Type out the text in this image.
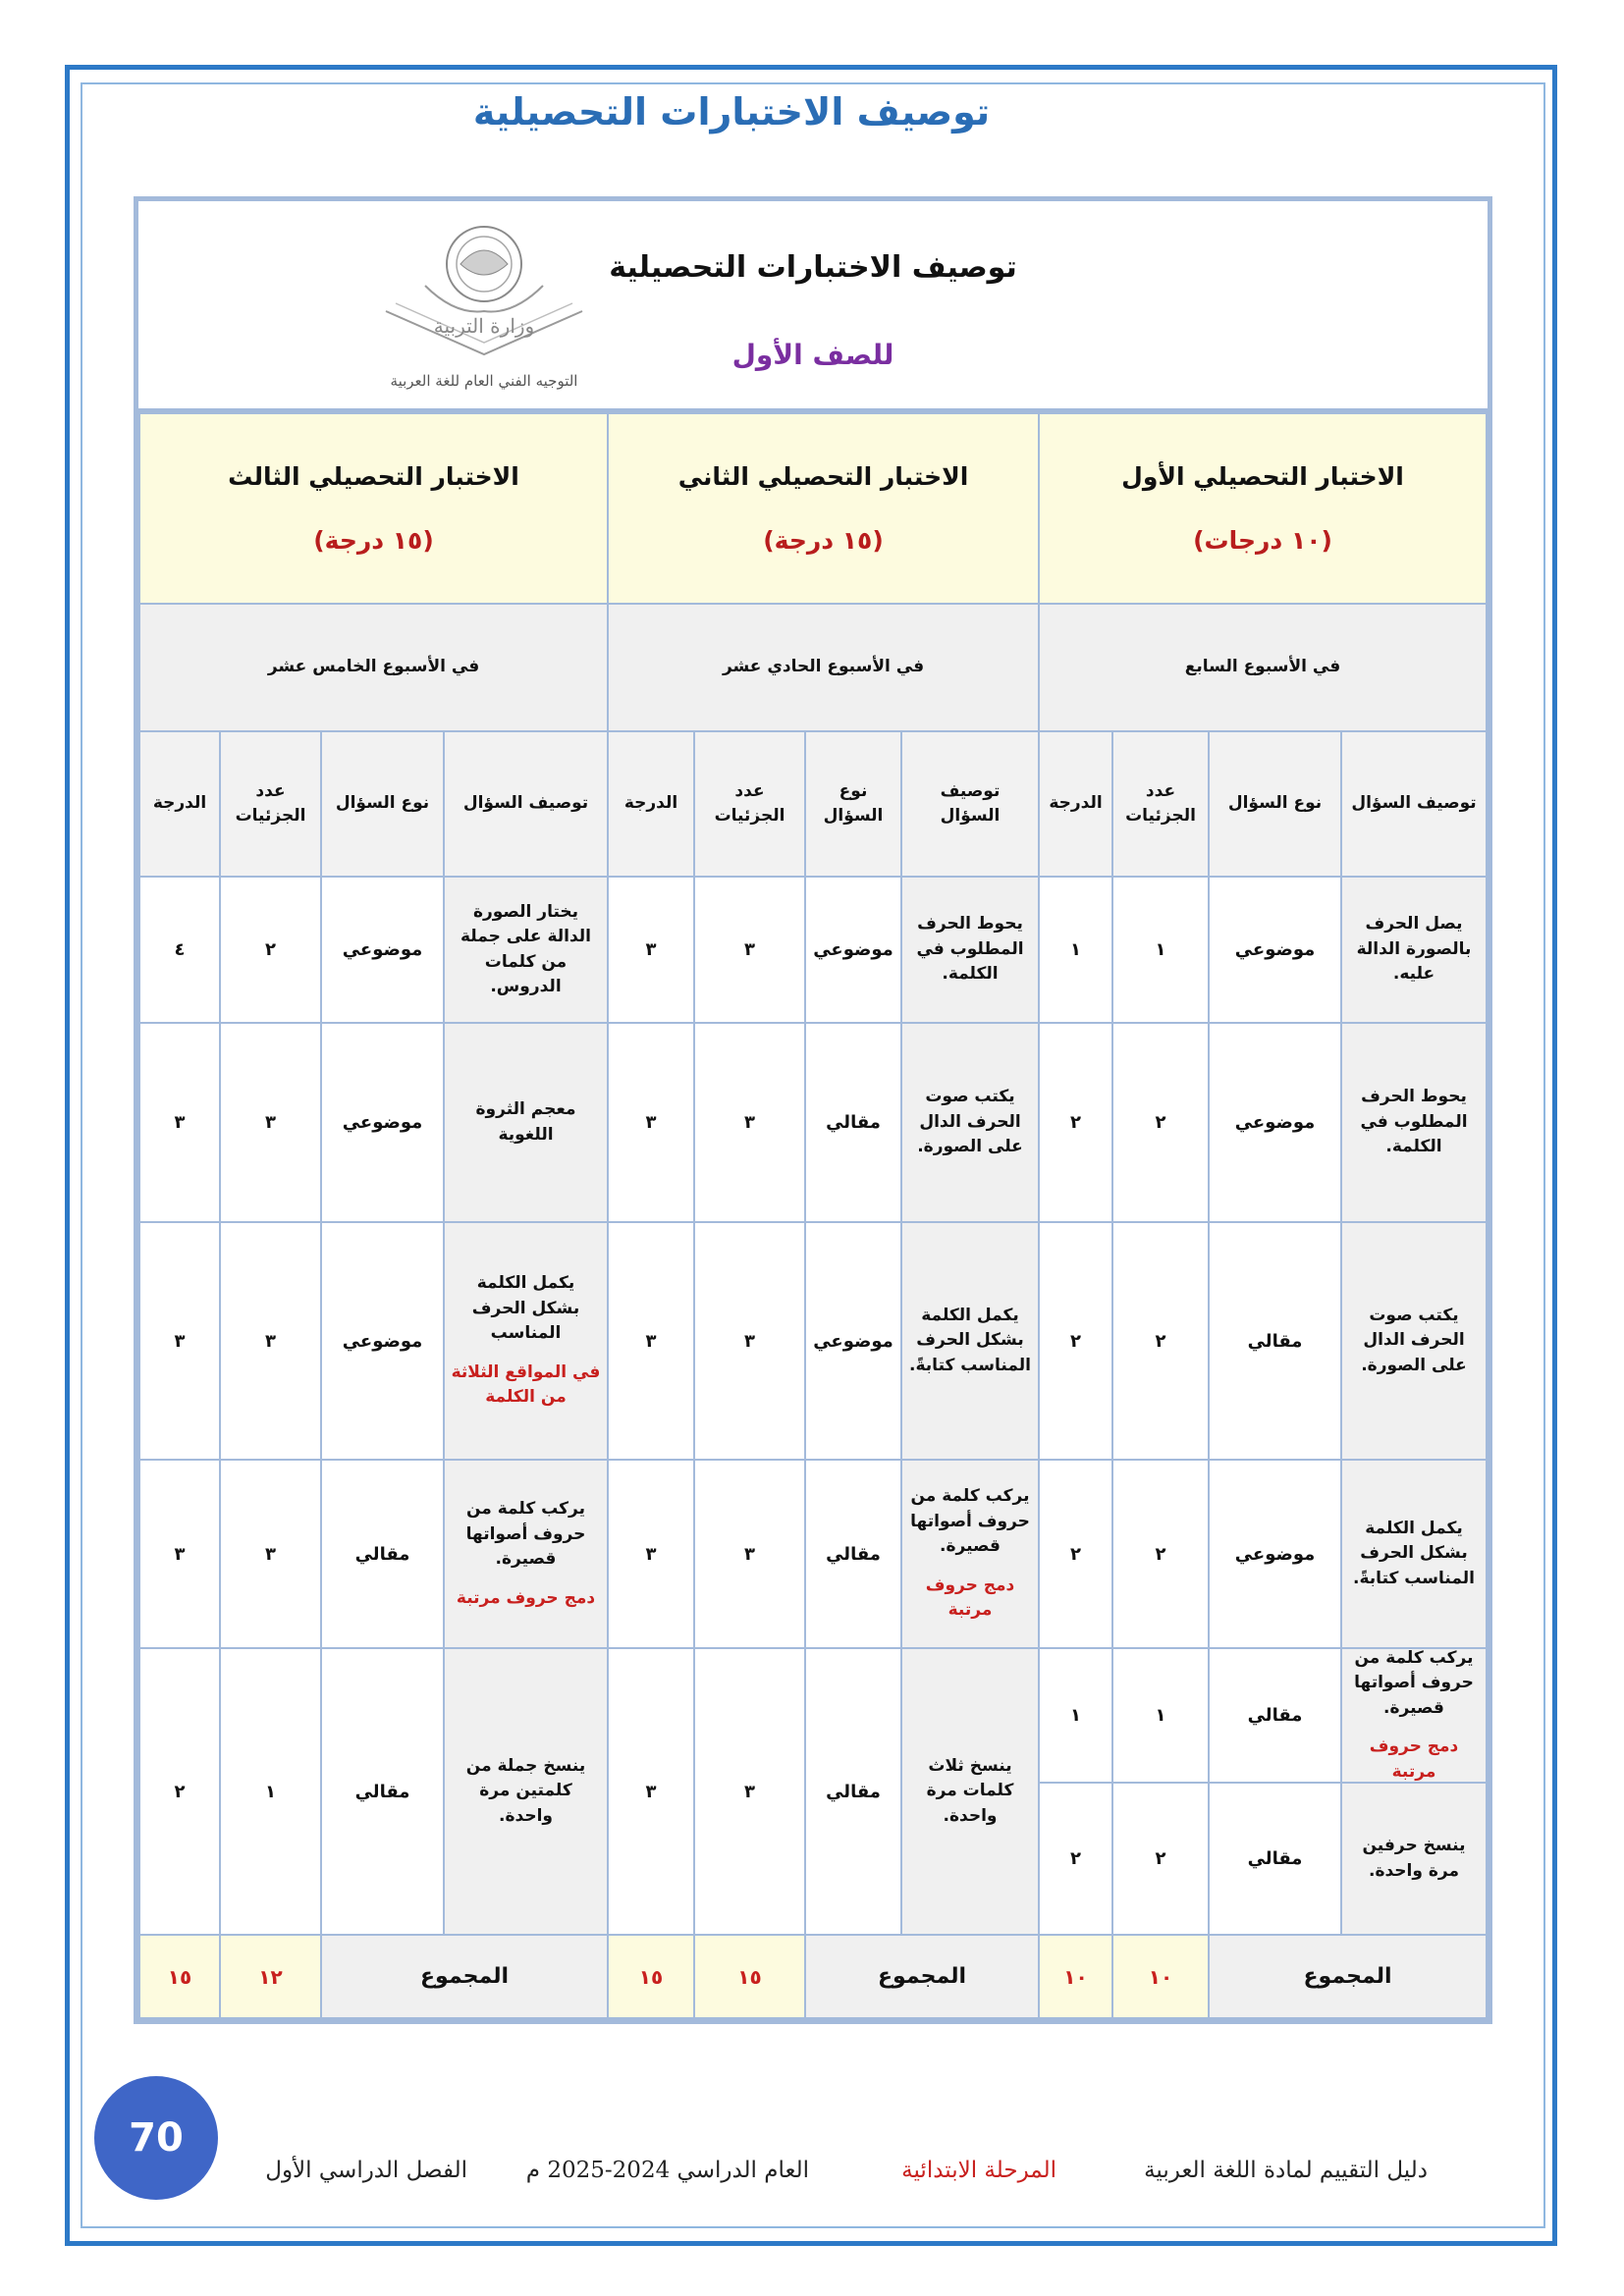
توصيف الاختبارات التحصيلية
توصيف الاختبارات التحصيلية
للصف الأول
وزارة التربية
التوجيه الفني العام للغة العربية
الاختبار التحصيلي الأول
(١٠ درجات)
الاختبار التحصيلي الثاني
(١٥ درجة)
الاختبار التحصيلي الثالث
(١٥ درجة)
في الأسبوع السابع
في الأسبوع الحادي عشر
في الأسبوع الخامس عشر
توصيف السؤال
نوع السؤال
عدد الجزئيات
الدرجة
توصيف السؤال
نوع السؤال
عدد الجزئيات
الدرجة
توصيف السؤال
نوع السؤال
عدد الجزئيات
الدرجة
يصل الحرف بالصورة الدالة عليه.
موضوعي
١
١
يحوط الحرف المطلوب في الكلمة.
موضوعي
٢
٢
يكتب صوت الحرف الدال على الصورة.
مقالي
٢
٢
يكمل الكلمة بشكل الحرف المناسب كتابةً.
موضوعي
٢
٢
يركب كلمة من حروف أصواتها قصيرة.
دمج حروف مرتبة
مقالي
١
١
ينسخ حرفين مرة واحدة.
مقالي
٢
٢
يحوط الحرف المطلوب في الكلمة.
موضوعي
٣
٣
يكتب صوت الحرف الدال على الصورة.
مقالي
٣
٣
يكمل الكلمة بشكل الحرف المناسب كتابةً.
موضوعي
٣
٣
يركب كلمة من حروف أصواتها قصيرة.
دمج حروف مرتبة
مقالي
٣
٣
ينسخ ثلاث كلمات مرة واحدة.
مقالي
٣
٣
يختار الصورة الدالة على جملة من كلمات الدروس.
موضوعي
٢
٤
معجم الثروة اللغوية
موضوعي
٣
٣
يكمل الكلمة بشكل الحرف المناسب
في المواقع الثلاثة من الكلمة
موضوعي
٣
٣
يركب كلمة من حروف أصواتها قصيرة.
دمج حروف مرتبة
مقالي
٣
٣
ينسخ جملة من كلمتين مرة واحدة.
مقالي
١
٢
المجموع
١٠
١٠
المجموع
١٥
١٥
المجموع
١٢
١٥
70
دليل التقييم لمادة اللغة العربية
المرحلة الابتدائية
العام الدراسي 2024-2025 م
الفصل الدراسي الأول
